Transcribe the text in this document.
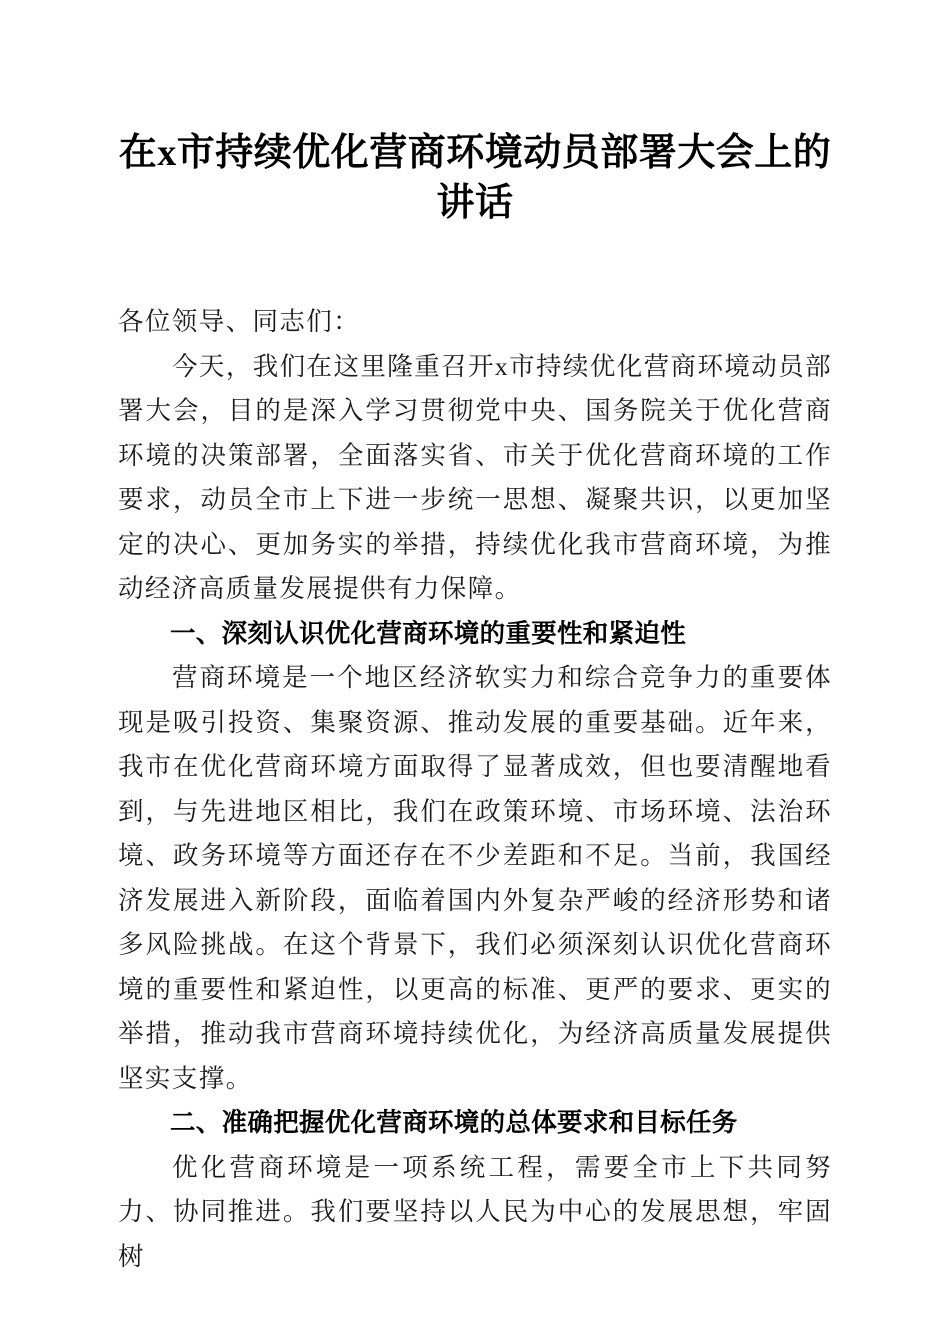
在x市持续优化营商环境动员部署大会上的讲话

各位领导、同志们：

今天，我们在这里隆重召开x市持续优化营商环境动员部署大会，目的是深入学习贯彻党中央、国务院关于优化营商环境的决策部署，全面落实省、市关于优化营商环境的工作要求，动员全市上下进一步统一思想、凝聚共识，以更加坚定的决心、更加务实的举措，持续优化我市营商环境，为推动经济高质量发展提供有力保障。

一、深刻认识优化营商环境的重要性和紧迫性

营商环境是一个地区经济软实力和综合竞争力的重要体现是吸引投资、集聚资源、推动发展的重要基础。近年来，我市在优化营商环境方面取得了显著成效，但也要清醒地看到，与先进地区相比，我们在政策环境、市场环境、法治环境、政务环境等方面还存在不少差距和不足。当前，我国经济发展进入新阶段，面临着国内外复杂严峻的经济形势和诸多风险挑战。在这个背景下，我们必须深刻认识优化营商环境的重要性和紧迫性，以更高的标准、更严的要求、更实的举措，推动我市营商环境持续优化，为经济高质量发展提供坚实支撑。

二、准确把握优化营商环境的总体要求和目标任务

优化营商环境是一项系统工程，需要全市上下共同努力、协同推进。我们要坚持以人民为中心的发展思想，牢固树
